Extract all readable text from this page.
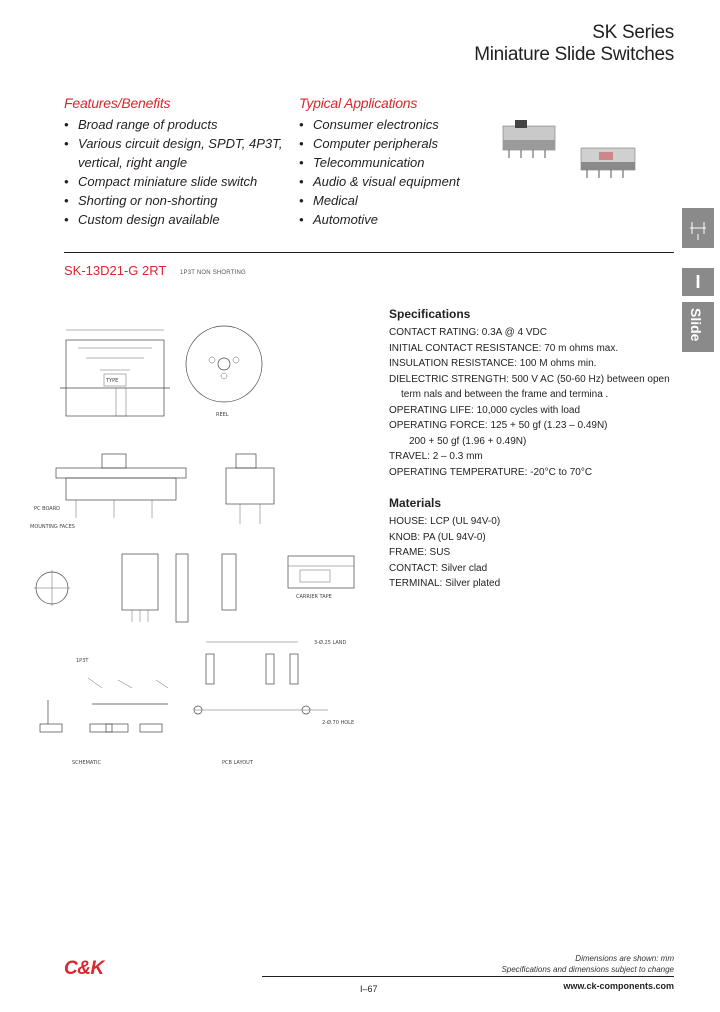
SK Series
Miniature Slide Switches
Features/Benefits
• Broad range of products
• Various circuit design, SPDT, 4P3T,
vertical, right angle
• Compact miniature slide switch
• Shorting or non-shorting
• Custom design available
Typical Applications
• Consumer electronics
• Computer peripherals
• Telecommunication
• Audio & visual equipment
• Medical
• Automotive
I
Slide
SK-13D21-G 2RT 1P3T NON SHORTING
TYPE
REEL
PC BOARD
MOUNTING FACES
CARRIER TAPE
1P3T
SCHEMATIC
3-Ø.25 LAND
2-Ø.70 HOLE
PCB LAYOUT
Specifications
CONTACT RATING: 0.3A @ 4 VDC
INITIAL CONTACT RESISTANCE: 70 m ohms max.
INSULATION RESISTANCE: 100 M ohms min.
DIELECTRIC STRENGTH: 500 V AC (50-60 Hz) between open
term nals and between the frame and termina .
OPERATING LIFE: 10,000 cycles with load
OPERATING FORCE: 125 + 50 gf (1.23 – 0.49N)
200 + 50 gf (1.96 + 0.49N)
TRAVEL: 2 – 0.3 mm
OPERATING TEMPERATURE: -20°C to 70°C
Materials
HOUSE: LCP (UL 94V-0)
KNOB: PA (UL 94V-0)
FRAME: SUS
CONTACT: Silver clad
TERMINAL: Silver plated
Dimensions are shown: mm
Specifications and dimensions subject to change
www.ck-components.com
I–67
C&K
